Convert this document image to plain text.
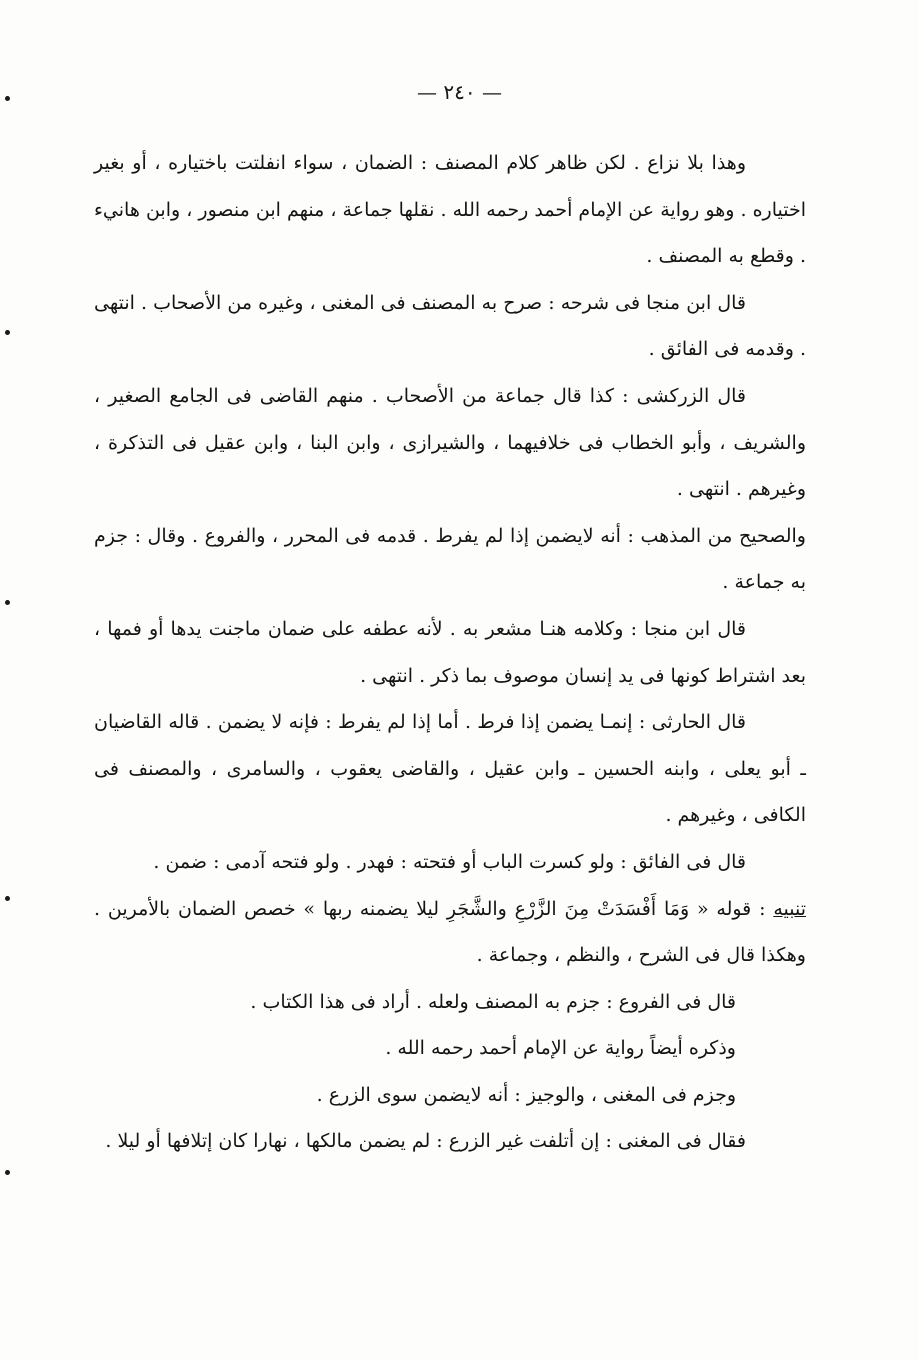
— ٢٤٠ —

وهذا بلا نزاع . لكن ظاهر كلام المصنف : الضمان ، سواء انفلتت باختياره ، أو بغير اختياره . وهو رواية عن الإمام أحمد رحمه الله . نقلها جماعة ، منهم ابن منصور ، وابن هانيء . وقطع به المصنف .

قال ابن منجا فى شرحه : صرح به المصنف فى المغنى ، وغيره من الأصحاب . انتهى . وقدمه فى الفائق .

قال الزركشى : كذا قال جماعة من الأصحاب . منهم القاضى فى الجامع الصغير ، والشريف ، وأبو الخطاب فى خلافيهما ، والشيرازى ، وابن البنا ، وابن عقيل فى التذكرة ، وغيرهم . انتهى .

والصحيح من المذهب : أنه لايضمن إذا لم يفرط . قدمه فى المحرر ، والفروع . وقال : جزم به جماعة .

قال ابن منجا : وكلامه هنـا مشعر به . لأنه عطفه على ضمان ماجنت يدها أو فمها ، بعد اشتراط كونها فى يد إنسان موصوف بما ذكر . انتهى .

قال الحارثى : إنمـا يضمن إذا فرط . أما إذا لم يفرط : فإنه لا يضمن . قاله القاضيان ـ أبو يعلى ، وابنه الحسين ـ وابن عقيل ، والقاضى يعقوب ، والسامرى ، والمصنف فى الكافى ، وغيرهم .

قال فى الفائق : ولو كسرت الباب أو فتحته : فهدر . ولو فتحه آدمى : ضمن .

تنبيه : قوله « وَمَا أَفْسَدَتْ مِنَ الزَّرْعِ والشَّجَرِ ليلا يضمنه ربها » خصص الضمان بالأمرين . وهكذا قال فى الشرح ، والنظم ، وجماعة .

قال فى الفروع : جزم به المصنف ولعله . أراد فى هذا الكتاب .

وذكره أيضاً رواية عن الإمام أحمد رحمه الله .

وجزم فى المغنى ، والوجيز : أنه لايضمن سوى الزرع .

فقال فى المغنى : إن أتلفت غير الزرع : لم يضمن مالكها ، نهارا كان إتلافها أو ليلا .
